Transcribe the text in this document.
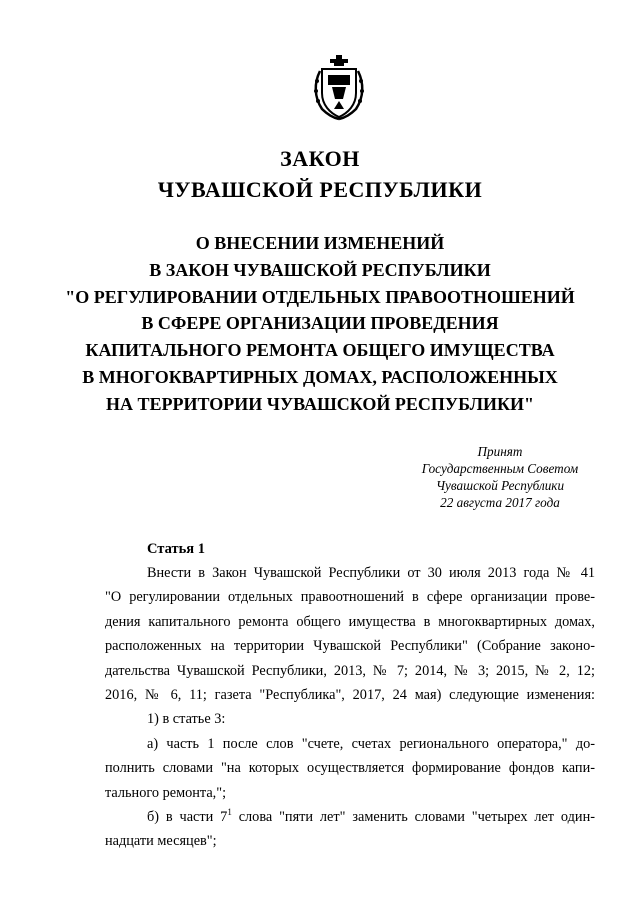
ЗАКОН
ЧУВАШСКОЙ РЕСПУБЛИКИ
О ВНЕСЕНИИ ИЗМЕНЕНИЙ
В ЗАКОН ЧУВАШСКОЙ РЕСПУБЛИКИ
"О РЕГУЛИРОВАНИИ ОТДЕЛЬНЫХ ПРАВООТНОШЕНИЙ
В СФЕРЕ ОРГАНИЗАЦИИ ПРОВЕДЕНИЯ
КАПИТАЛЬНОГО РЕМОНТА ОБЩЕГО ИМУЩЕСТВА
В МНОГОКВАРТИРНЫХ ДОМАХ, РАСПОЛОЖЕННЫХ
НА ТЕРРИТОРИИ ЧУВАШСКОЙ РЕСПУБЛИКИ"
Принят
Государственным Советом
Чувашской Республики
22 августа 2017 года
Статья 1
Внести в Закон Чувашской Республики от 30 июля 2013 года № 41
"О регулировании отдельных правоотношений в сфере организации прове-
дения капитального ремонта общего имущества в многоквартирных домах,
расположенных на территории Чувашской Республики" (Собрание законо-
дательства Чувашской Республики, 2013, № 7; 2014, № 3; 2015, № 2, 12;
2016, № 6, 11; газета "Республика", 2017, 24 мая) следующие изменения:
1) в статье 3:
а) часть 1 после слов "счете, счетах регионального оператора," до-
полнить словами "на которых осуществляется формирование фондов капи-
тального ремонта,";
б) в части $7^1$ слова "пяти лет" заменить словами "четырех лет один-
надцати месяцев";
